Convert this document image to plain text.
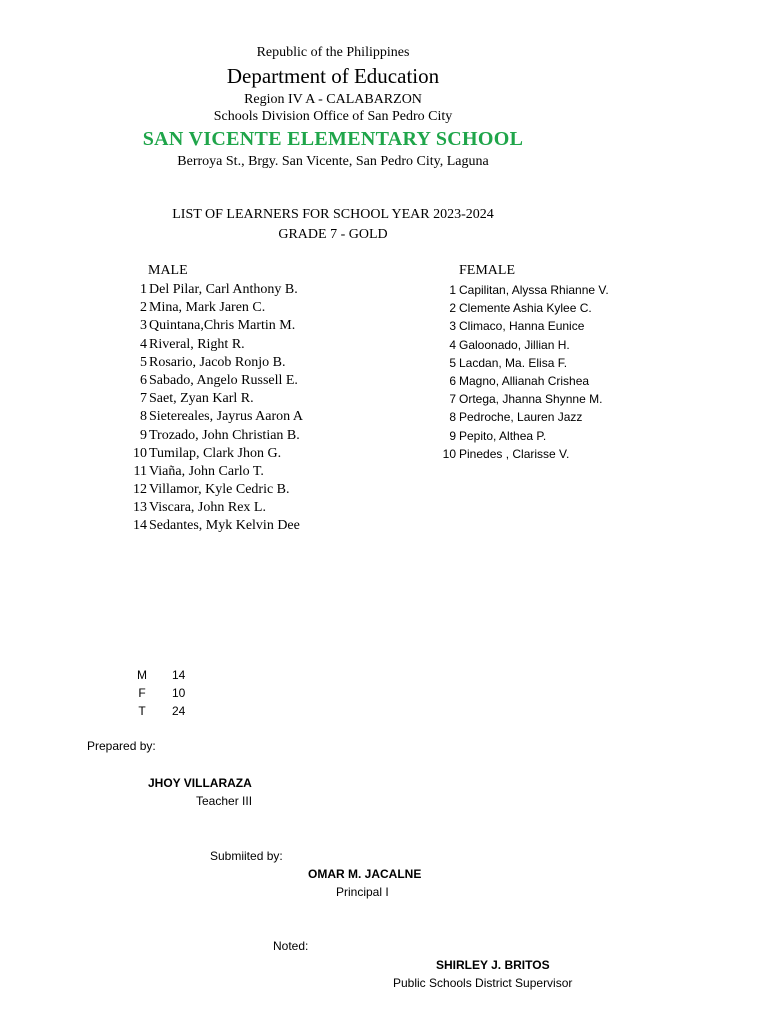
Republic of the Philippines
Department of Education
Region IV A - CALABARZON
Schools Division Office of San Pedro City
SAN VICENTE ELEMENTARY SCHOOL
Berroya St., Brgy. San Vicente, San Pedro City, Laguna
LIST OF LEARNERS FOR SCHOOL YEAR 2023-2024
GRADE 7 - GOLD
MALE	FEMALE
1 Del Pilar, Carl Anthony B.
2 Mina, Mark Jaren C.
3 Quintana,Chris Martin M.
4 Riveral, Right R.
5 Rosario, Jacob Ronjo B.
6 Sabado, Angelo Russell E.
7 Saet, Zyan Karl R.
8 Sietereales, Jayrus Aaron A
9 Trozado, John Christian B.
10 Tumilap, Clark Jhon G.
11 Viaña, John Carlo T.
12 Villamor, Kyle Cedric B.
13 Viscara, John Rex L.
14 Sedantes, Myk Kelvin Dee
1 Capilitan, Alyssa Rhianne V.
2 Clemente Ashia Kylee C.
3 Climaco, Hanna Eunice
4 Galoonado, Jillian H.
5 Lacdan, Ma. Elisa F.
6 Magno, Allianah Crishea
7 Ortega, Jhanna Shynne M.
8 Pedroche, Lauren Jazz
9 Pepito, Althea P.
10 Pinedes , Clarisse V.
M	14
F	10
T	24
Prepared by:
JHOY VILLARAZA
Teacher III
Submiited by:
OMAR M. JACALNE
Principal I
Noted:
SHIRLEY J. BRITOS
Public Schools District Supervisor
